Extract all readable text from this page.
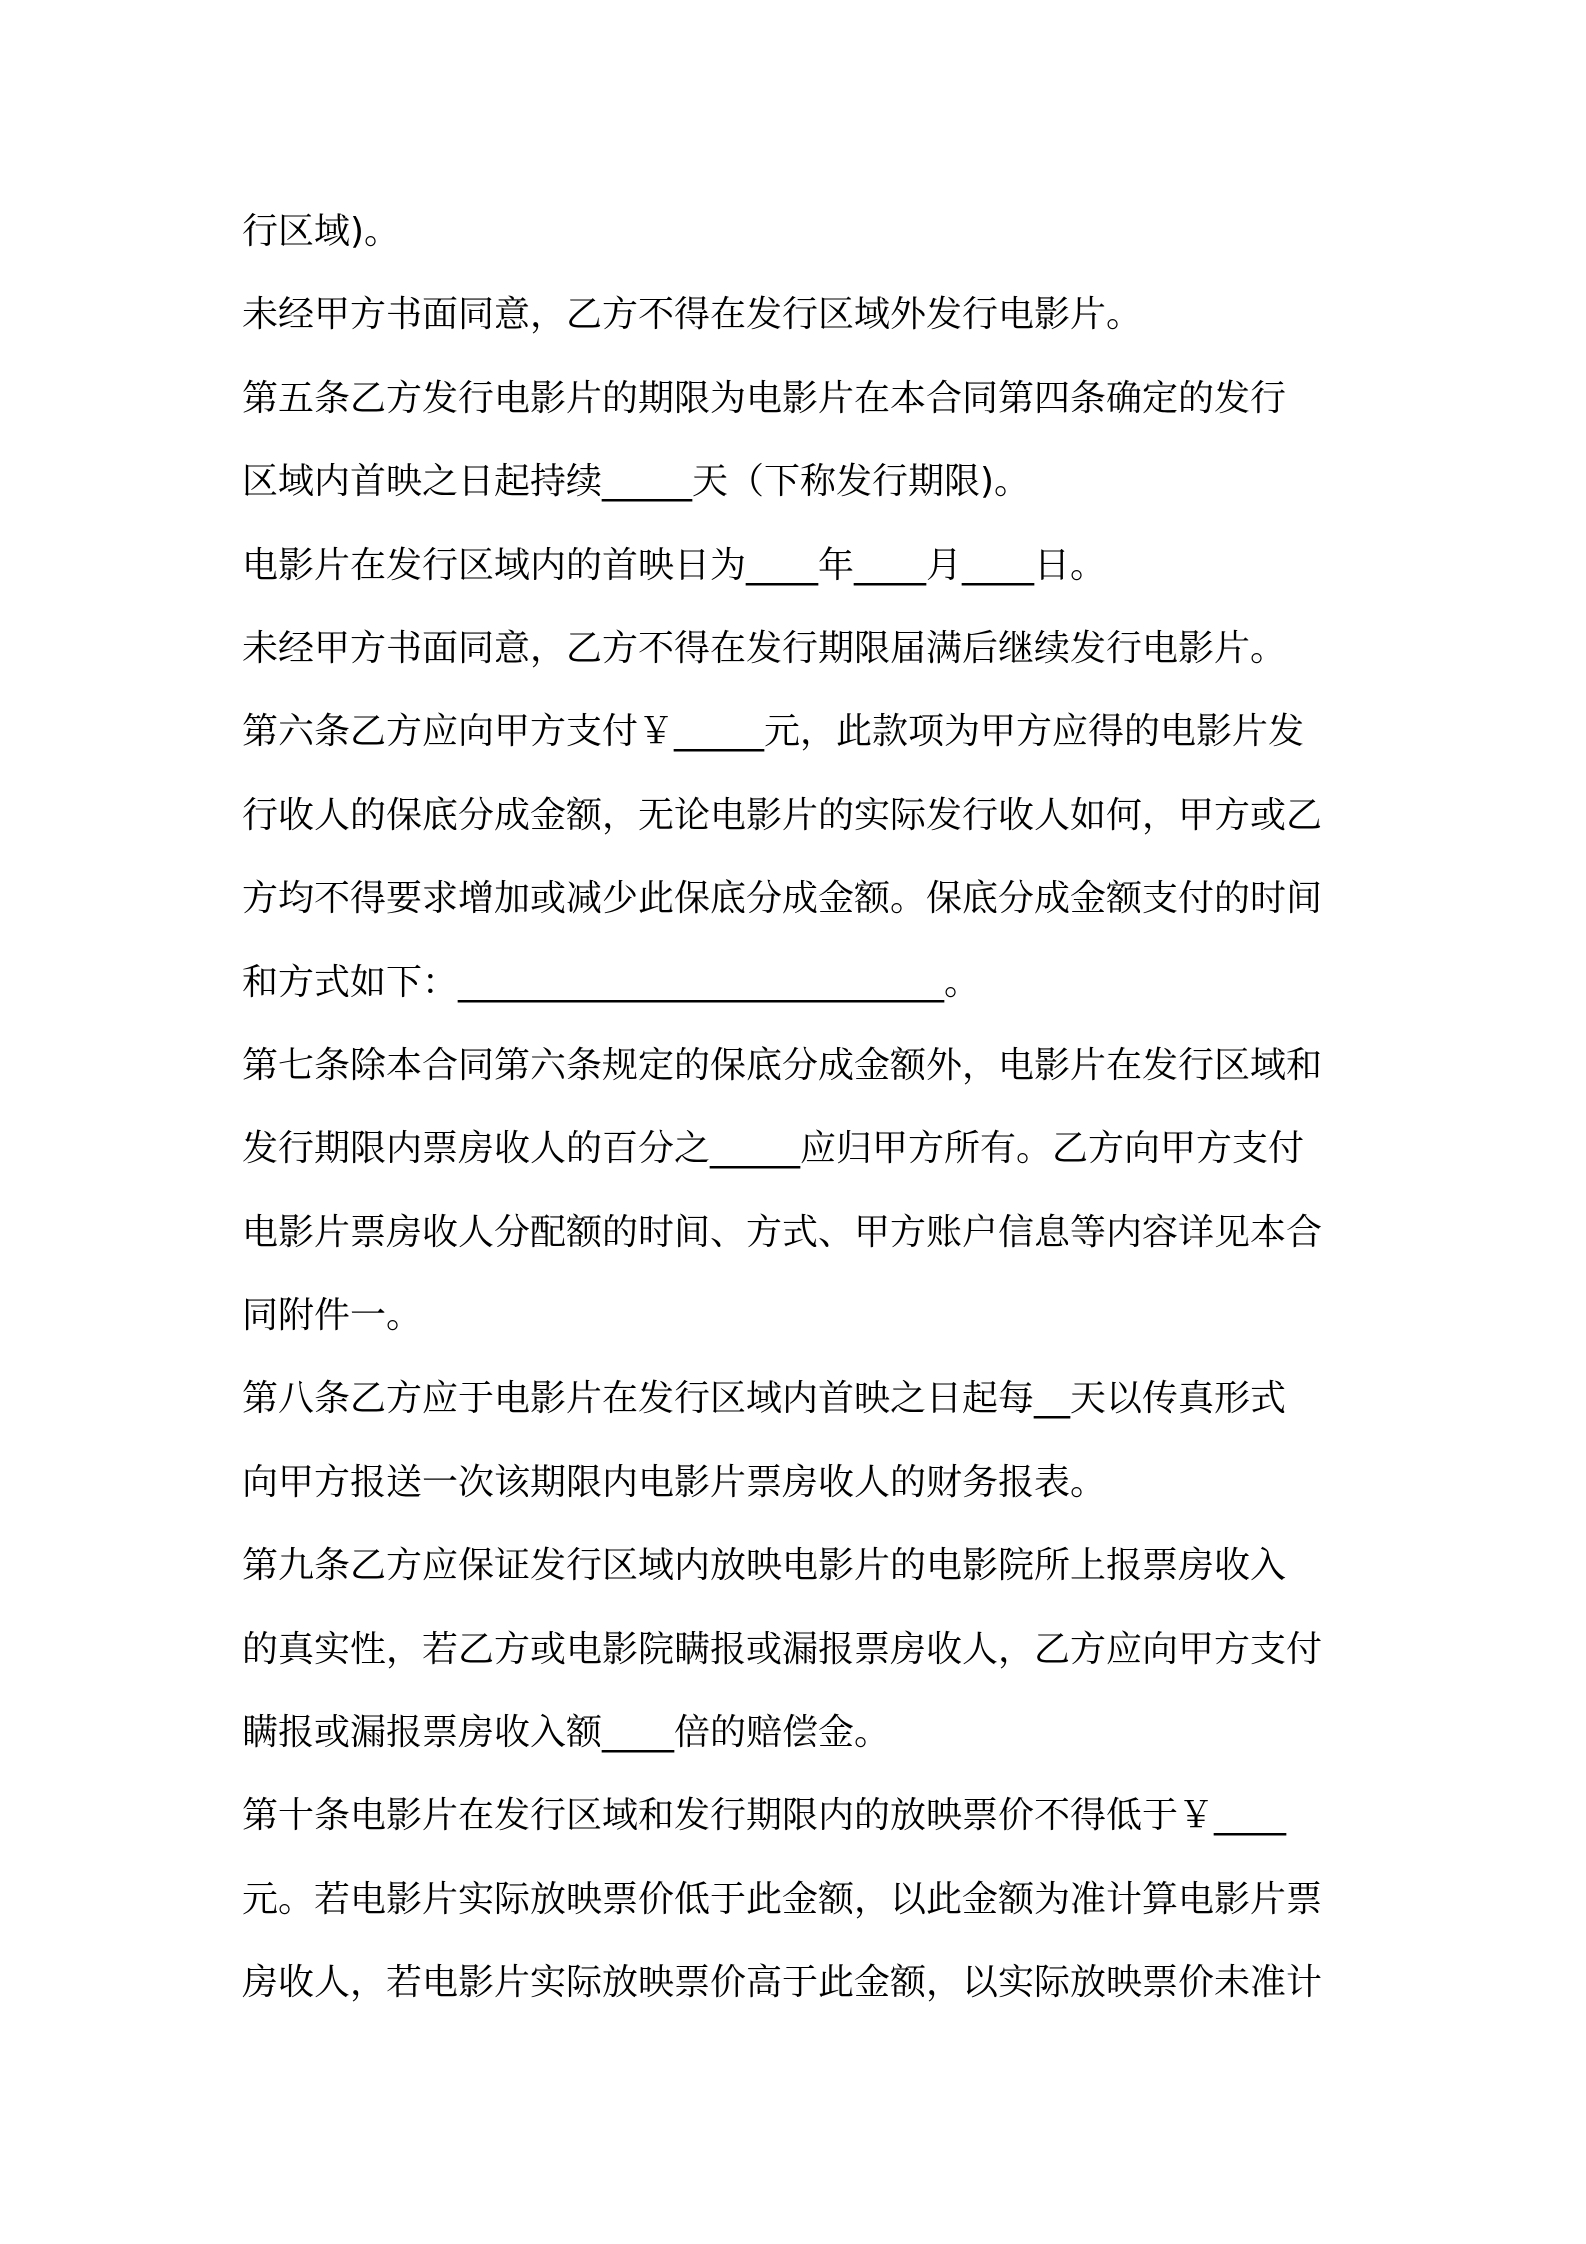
行区域)。
未经甲方书面同意，乙方不得在发行区域外发行电影片。
第五条乙方发行电影片的期限为电影片在本合同第四条确定的发行
区域内首映之日起持续_____天（下称发行期限)。
电影片在发行区域内的首映日为____年____月____日。
未经甲方书面同意，乙方不得在发行期限届满后继续发行电影片。
第六条乙方应向甲方支付￥_____元，此款项为甲方应得的电影片发
行收人的保底分成金额，无论电影片的实际发行收人如何，甲方或乙
方均不得要求增加或减少此保底分成金额。保底分成金额支付的时间
和方式如下：___________________________。
第七条除本合同第六条规定的保底分成金额外，电影片在发行区域和
发行期限内票房收人的百分之_____应归甲方所有。乙方向甲方支付
电影片票房收人分配额的时间、方式、甲方账户信息等内容详见本合
同附件一。
第八条乙方应于电影片在发行区域内首映之日起每__天以传真形式
向甲方报送一次该期限内电影片票房收人的财务报表。
第九条乙方应保证发行区域内放映电影片的电影院所上报票房收入
的真实性，若乙方或电影院瞒报或漏报票房收人，乙方应向甲方支付
瞒报或漏报票房收入额____倍的赔偿金。
第十条电影片在发行区域和发行期限内的放映票价不得低于￥____
元。若电影片实际放映票价低于此金额，以此金额为准计算电影片票
房收人，若电影片实际放映票价高于此金额，以实际放映票价未准计
